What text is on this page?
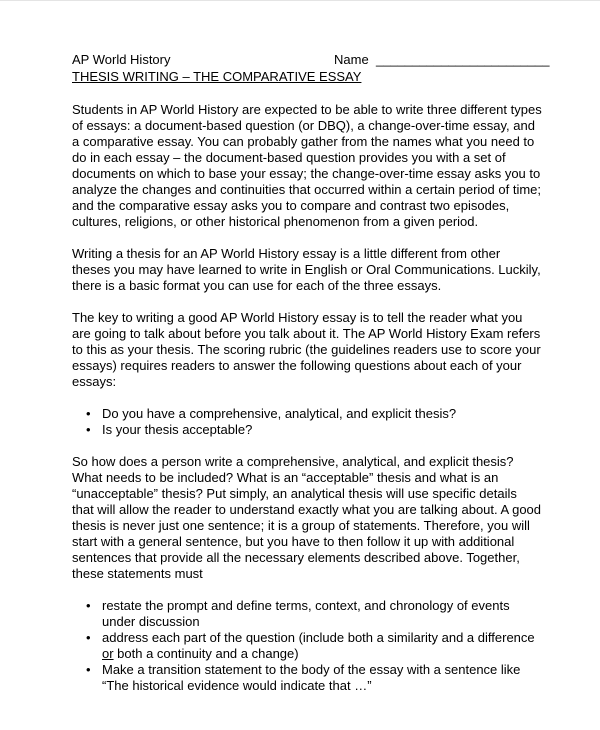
AP World History	Name ________________________
THESIS WRITING – THE COMPARATIVE ESSAY

Students in AP World History are expected to be able to write three different types of essays: a document-based question (or DBQ), a change-over-time essay, and a comparative essay. You can probably gather from the names what you need to do in each essay – the document-based question provides you with a set of documents on which to base your essay; the change-over-time essay asks you to analyze the changes and continuities that occurred within a certain period of time; and the comparative essay asks you to compare and contrast two episodes, cultures, religions, or other historical phenomenon from a given period.

Writing a thesis for an AP World History essay is a little different from other theses you may have learned to write in English or Oral Communications. Luckily, there is a basic format you can use for each of the three essays.

The key to writing a good AP World History essay is to tell the reader what you are going to talk about before you talk about it. The AP World History Exam refers to this as your thesis. The scoring rubric (the guidelines readers use to score your essays) requires readers to answer the following questions about each of your essays:

• Do you have a comprehensive, analytical, and explicit thesis?
• Is your thesis acceptable?

So how does a person write a comprehensive, analytical, and explicit thesis? What needs to be included? What is an “acceptable” thesis and what is an “unacceptable” thesis? Put simply, an analytical thesis will use specific details that will allow the reader to understand exactly what you are talking about. A good thesis is never just one sentence; it is a group of statements. Therefore, you will start with a general sentence, but you have to then follow it up with additional sentences that provide all the necessary elements described above. Together, these statements must

• restate the prompt and define terms, context, and chronology of events under discussion
• address each part of the question (include both a similarity and a difference or both a continuity and a change)
• Make a transition statement to the body of the essay with a sentence like “The historical evidence would indicate that …”
